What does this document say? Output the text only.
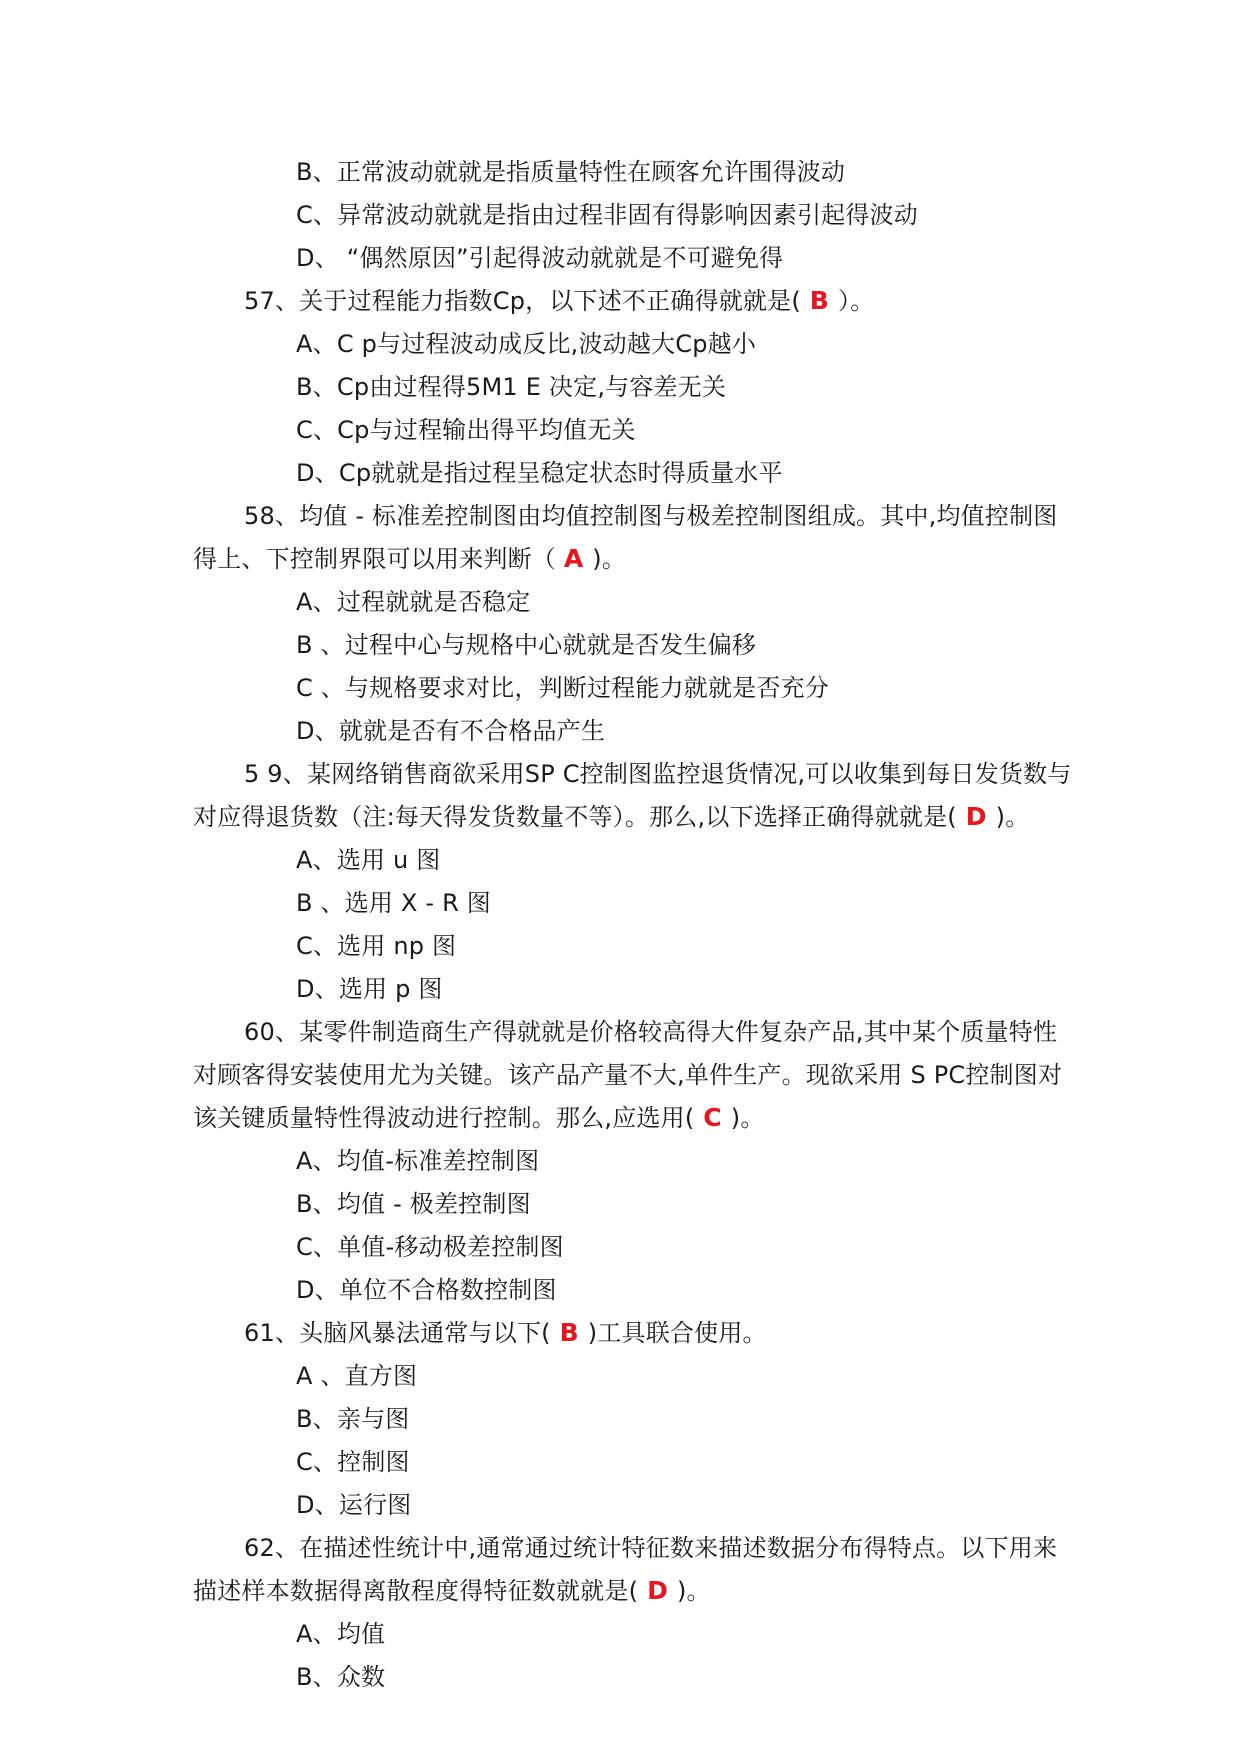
B、正常波动就就是指质量特性在顾客允许围得波动
C、异常波动就就是指由过程非固有得影响因素引起得波动
D、 “偶然原因”引起得波动就就是不可避免得
57、关于过程能力指数Cp，以下述不正确得就就是( B ）。
A、C p与过程波动成反比,波动越大Cp越小
B、Cp由过程得5M1 E 决定,与容差无关
C、Cp与过程输出得平均值无关
D、Cp就就是指过程呈稳定状态时得质量水平
58、均值 - 标准差控制图由均值控制图与极差控制图组成。其中,均值控制图
得上、下控制界限可以用来判断（ A )。
A、过程就就是否稳定
B 、过程中心与规格中心就就是否发生偏移
C 、与规格要求对比，判断过程能力就就是否充分
D、就就是否有不合格品产生
5 9、某网络销售商欲采用SP C控制图监控退货情况,可以收集到每日发货数与
对应得退货数（注:每天得发货数量不等）。那么,以下选择正确得就就是( D )。
A、选用 u 图
B 、选用 X - R 图
C、选用 np 图
D、选用 p 图
60、某零件制造商生产得就就是价格较高得大件复杂产品,其中某个质量特性
对顾客得安装使用尤为关键。该产品产量不大,单件生产。现欲采用 S PC控制图对
该关键质量特性得波动进行控制。那么,应选用( C )。
A、均值-标准差控制图
B、均值 - 极差控制图
C、单值-移动极差控制图
D、单位不合格数控制图
61、头脑风暴法通常与以下( B )工具联合使用。
A 、直方图
B、亲与图
C、控制图
D、运行图
62、在描述性统计中,通常通过统计特征数来描述数据分布得特点。以下用来
描述样本数据得离散程度得特征数就就是( D )。
A、均值
B、众数
